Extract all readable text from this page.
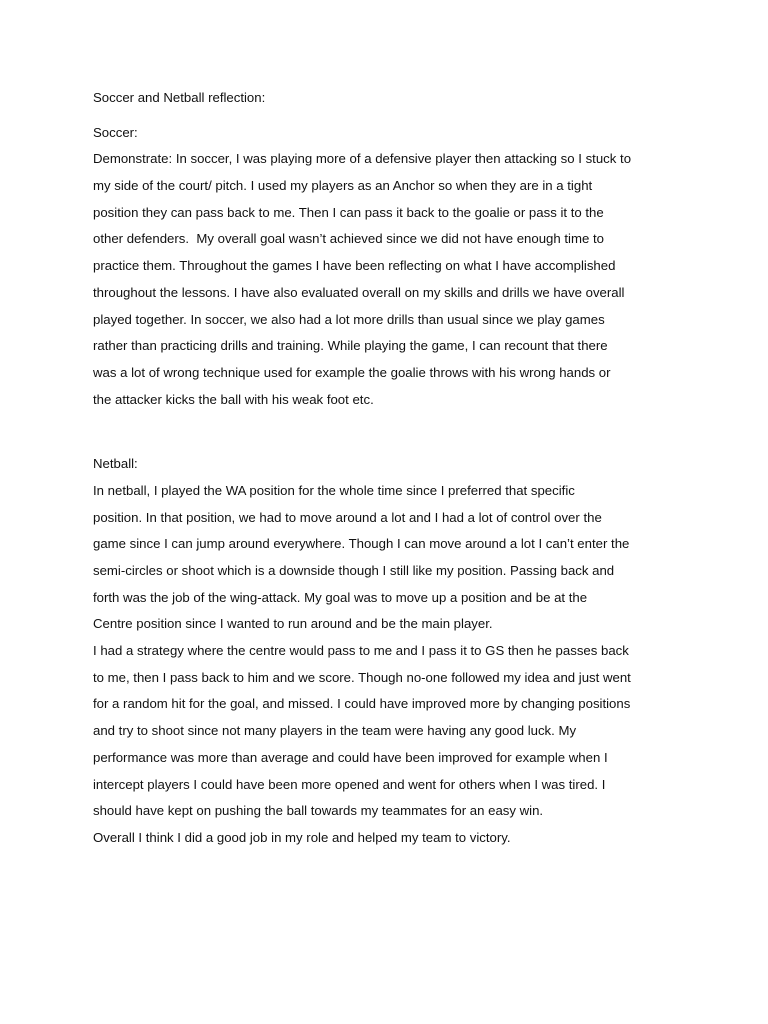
Soccer and Netball reflection:
Soccer:
Demonstrate: In soccer, I was playing more of a defensive player then attacking so I stuck to
my side of the court/ pitch. I used my players as an Anchor so when they are in a tight
position they can pass back to me. Then I can pass it back to the goalie or pass it to the
other defenders.  My overall goal wasn’t achieved since we did not have enough time to
practice them. Throughout the games I have been reflecting on what I have accomplished
throughout the lessons. I have also evaluated overall on my skills and drills we have overall
played together. In soccer, we also had a lot more drills than usual since we play games
rather than practicing drills and training. While playing the game, I can recount that there
was a lot of wrong technique used for example the goalie throws with his wrong hands or
the attacker kicks the ball with his weak foot etc.
Netball:
In netball, I played the WA position for the whole time since I preferred that specific
position. In that position, we had to move around a lot and I had a lot of control over the
game since I can jump around everywhere. Though I can move around a lot I can’t enter the
semi-circles or shoot which is a downside though I still like my position. Passing back and
forth was the job of the wing-attack. My goal was to move up a position and be at the
Centre position since I wanted to run around and be the main player.
I had a strategy where the centre would pass to me and I pass it to GS then he passes back
to me, then I pass back to him and we score. Though no-one followed my idea and just went
for a random hit for the goal, and missed. I could have improved more by changing positions
and try to shoot since not many players in the team were having any good luck. My
performance was more than average and could have been improved for example when I
intercept players I could have been more opened and went for others when I was tired. I
should have kept on pushing the ball towards my teammates for an easy win.
Overall I think I did a good job in my role and helped my team to victory.
